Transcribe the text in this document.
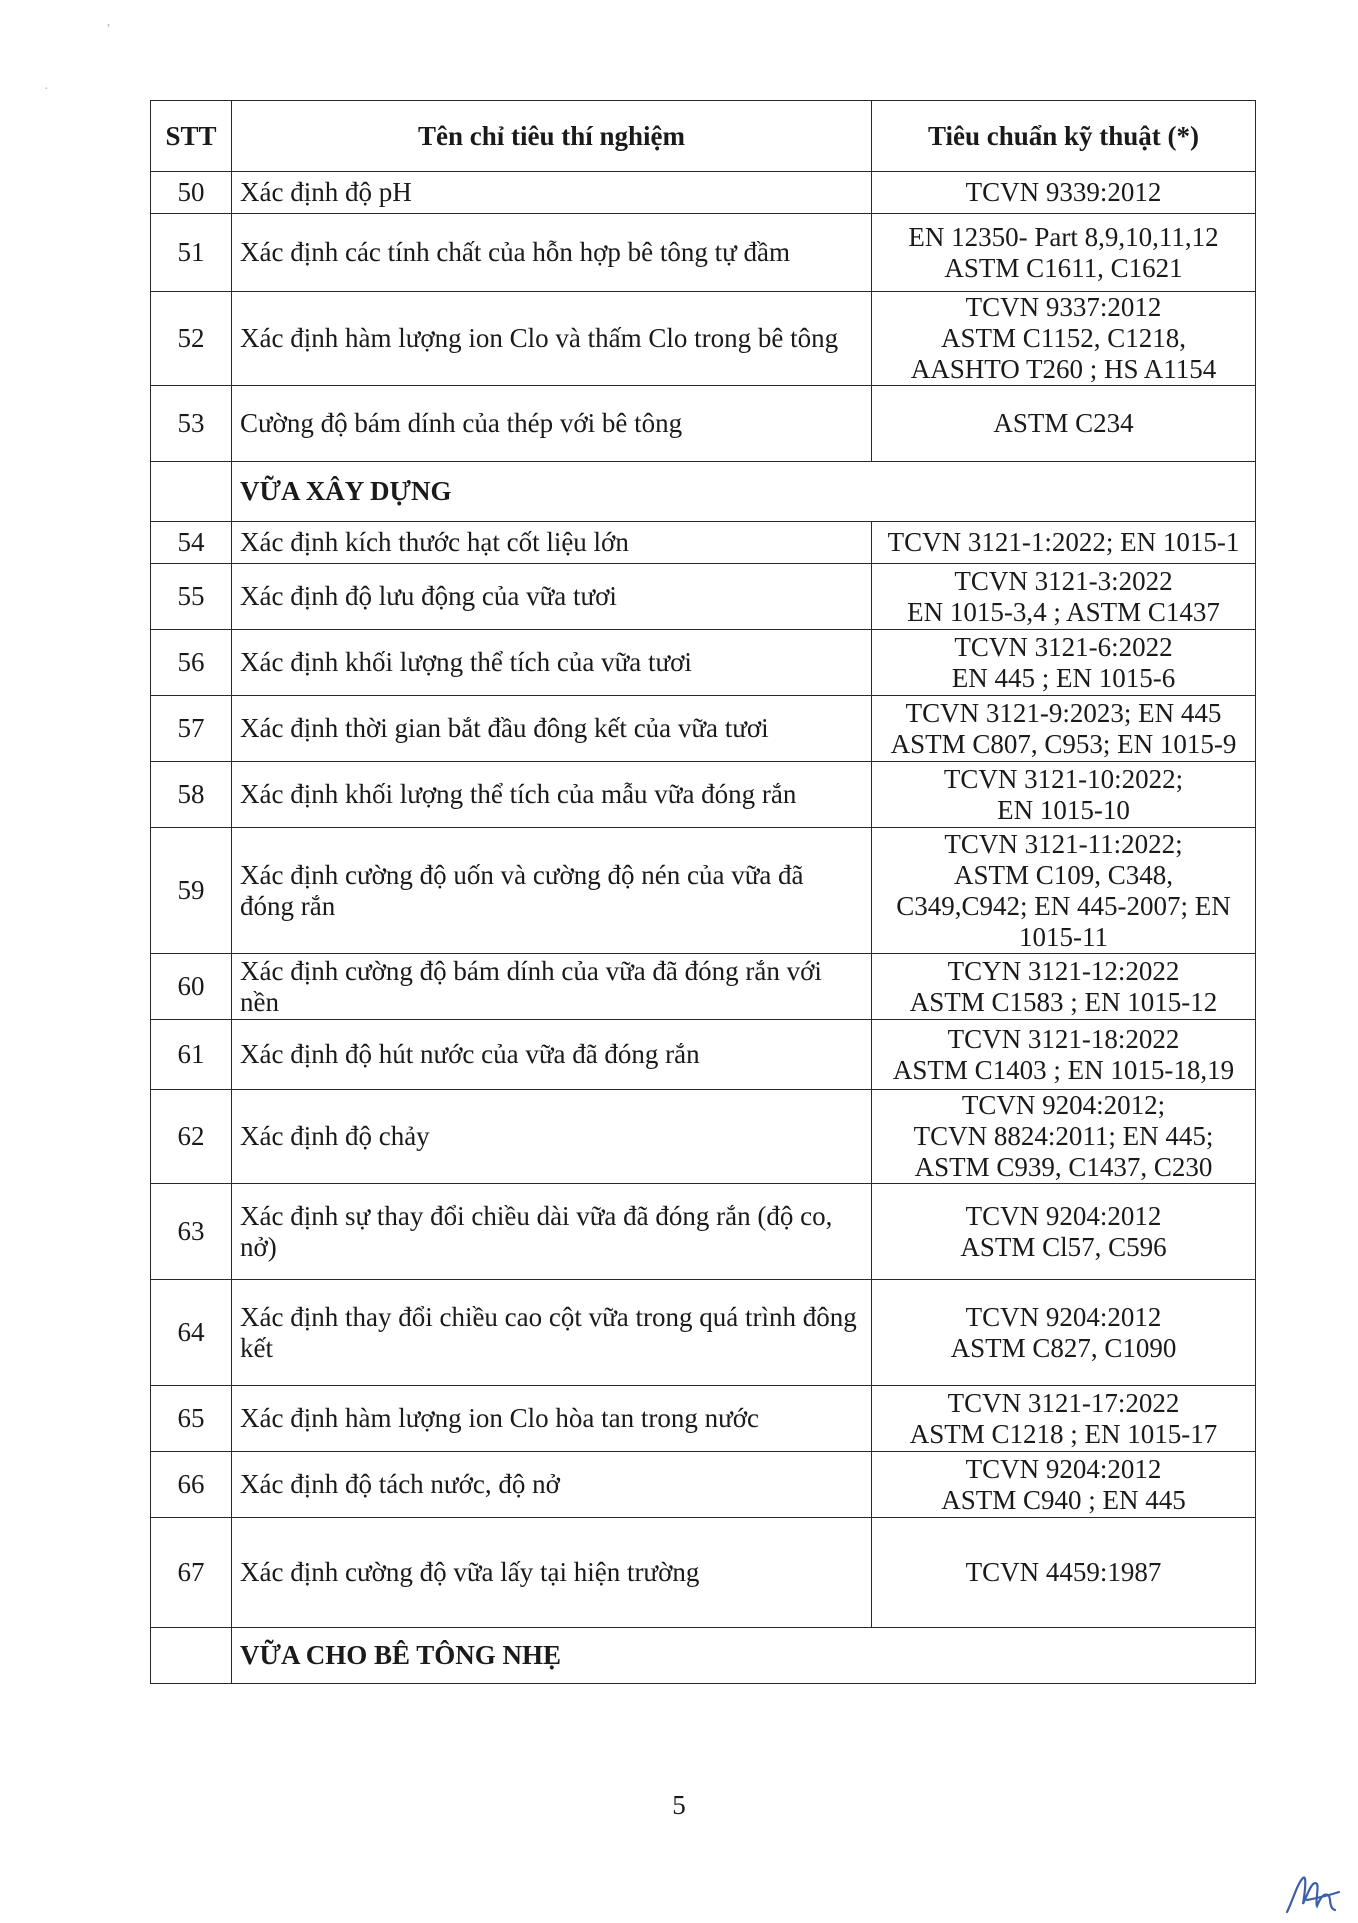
STT	Tên chỉ tiêu thí nghiệm	Tiêu chuẩn kỹ thuật (*)
50	Xác định độ pH	TCVN 9339:2012

51	Xác định các tính chất của hỗn hợp bê tông tự đầm	EN 12350- Part 8,9,10,11,12
ASTM C1611, C1621

52	Xác định hàm lượng ion Clo và thấm Clo trong bê tông	TCVN 9337:2012
ASTM C1152, C1218,
AASHTO T260 ; HS A1154

53	Cường độ bám dính của thép với bê tông	ASTM C234

	VỮA XÂY DỰNG	
54	Xác định kích thước hạt cốt liệu lớn	TCVN 3121-1:2022; EN 1015-1

55	Xác định độ lưu động của vữa tươi	TCVN 3121-3:2022
EN 1015-3,4 ; ASTM C1437

56	Xác định khối lượng thể tích của vữa tươi	TCVN 3121-6:2022
EN 445 ; EN 1015-6

57	Xác định thời gian bắt đầu đông kết của vữa tươi	TCVN 3121-9:2023; EN 445
ASTM C807, C953; EN 1015-9

58	Xác định khối lượng thể tích của mẫu vữa đóng rắn	TCVN 3121-10:2022;
EN 1015-10

59	Xác định cường độ uốn và cường độ nén của vữa đã đóng rắn	TCVN 3121-11:2022;
ASTM C109, C348,
C349,C942; EN 445-2007; EN
1015-11

60	Xác định cường độ bám dính của vữa đã đóng rắn với nền	TCYN 3121-12:2022
ASTM C1583 ; EN 1015-12

61	Xác định độ hút nước của vữa đã đóng rắn	TCVN 3121-18:2022
ASTM C1403 ; EN 1015-18,19

62	Xác định độ chảy	TCVN 9204:2012;
TCVN 8824:2011; EN 445;
ASTM C939, C1437, C230

63	Xác định sự thay đổi chiều dài vữa đã đóng rắn (độ co, nở)	TCVN 9204:2012
ASTM Cl57, C596

64	Xác định thay đổi chiều cao cột vữa trong quá trình đông kết	TCVN 9204:2012
ASTM C827, C1090

65	Xác định hàm lượng ion Clo hòa tan trong nước	TCVN 3121-17:2022
ASTM C1218 ; EN 1015-17

66	Xác định độ tách nước, độ nở	TCVN 9204:2012
ASTM C940 ; EN 445

67	Xác định cường độ vữa lấy tại hiện trường	TCVN 4459:1987

	VỮA CHO BÊ TÔNG NHẸ	
5
ʼ
·
